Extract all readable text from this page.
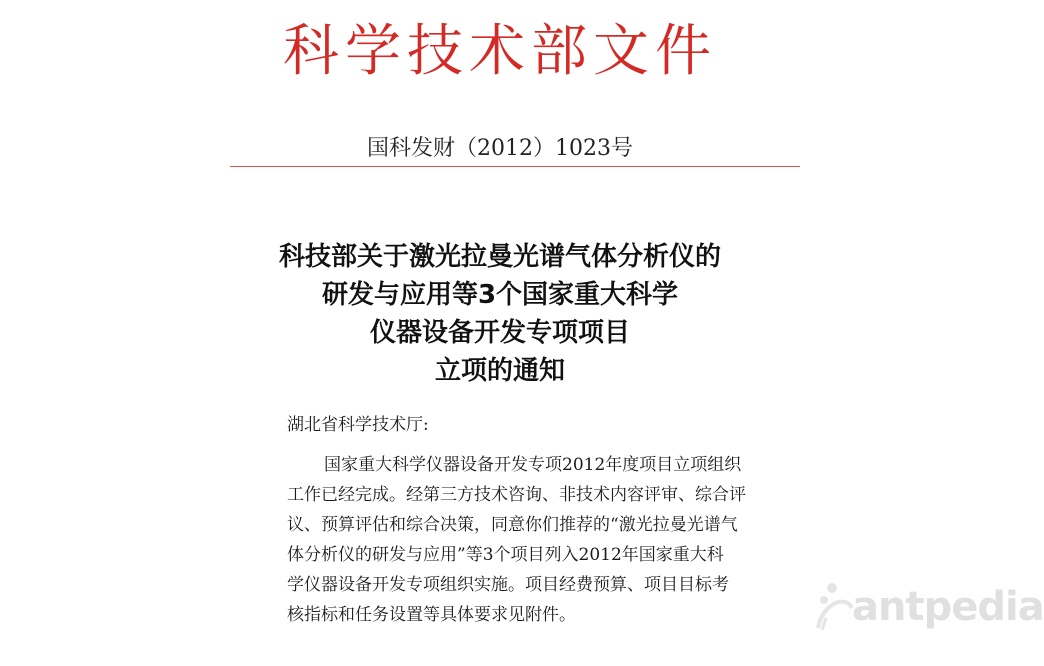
科学技术部文件
国科发财（2012）1023号
科技部关于激光拉曼光谱气体分析仪的
研发与应用等3个国家重大科学
仪器设备开发专项项目
立项的通知
湖北省科学技术厅:
国家重大科学仪器设备开发专项2012年度项目立项组织
工作已经完成。经第三方技术咨询、非技术内容评审、综合评
议、预算评估和综合决策，同意你们推荐的“激光拉曼光谱气
体分析仪的研发与应用”等3个项目列入2012年国家重大科
学仪器设备开发专项组织实施。项目经费预算、项目目标考
核指标和任务设置等具体要求见附件。	antpedia
